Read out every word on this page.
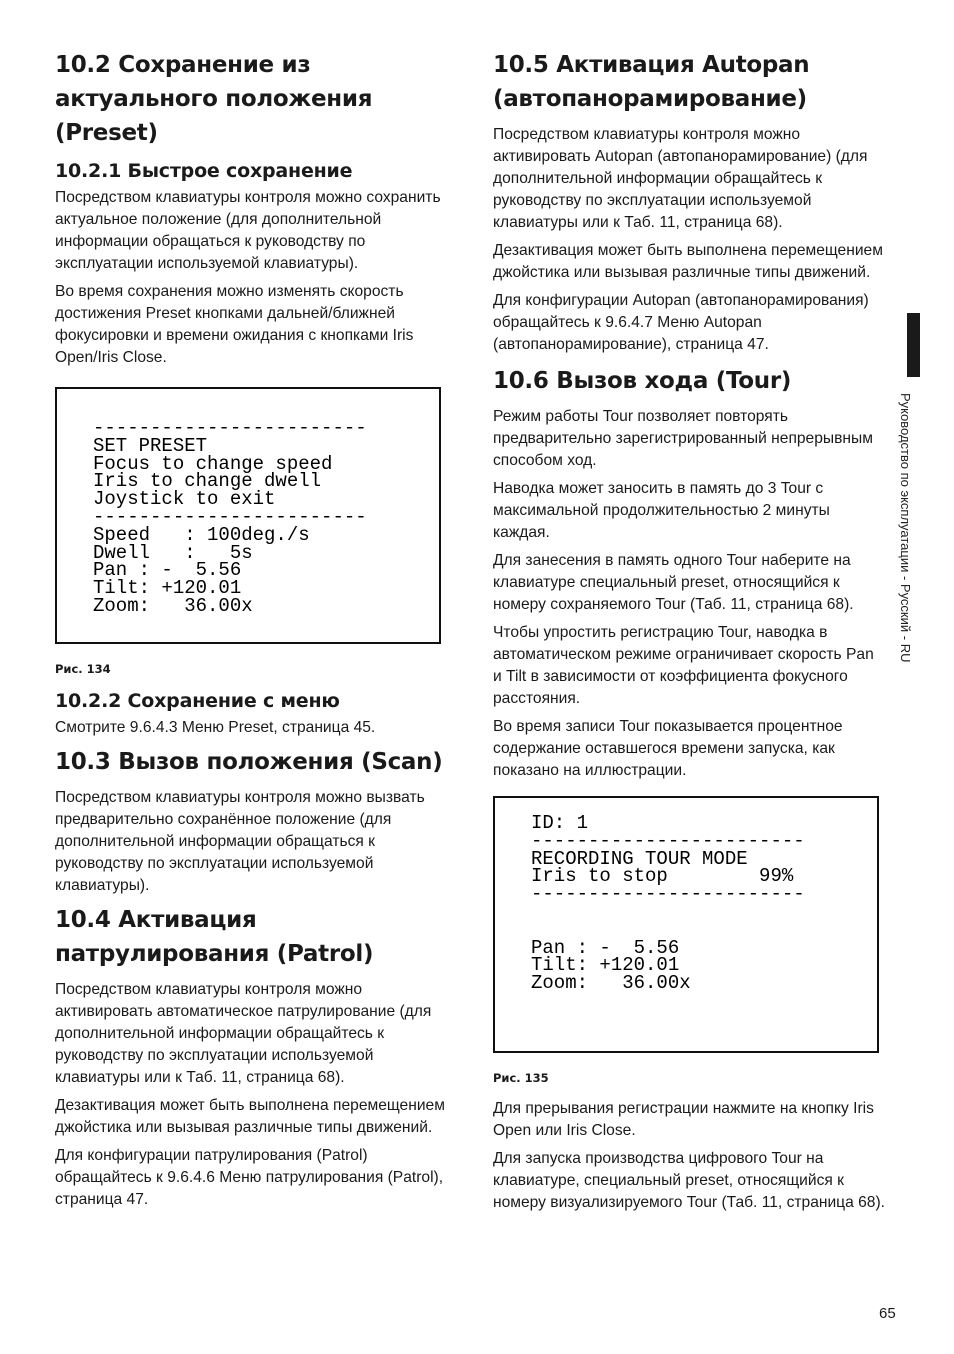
10.2 Сохранение из актуального положения (Preset)
10.2.1 Быстрое сохранение

Посредством клавиатуры контроля можно сохранить актуальное положение (для дополнительной информации обращаться к руководству по эксплуатации используемой клавиатуры).

Во время сохранения можно изменять скорость достижения Preset кнопками дальней/ближней фокусировки и времени ожидания с кнопками Iris Open/Iris Close.

------------------------
SET PRESET
Focus to change speed
Iris to change dwell
Joystick to exit
------------------------
Speed   : 100deg./s
Dwell   :   5s
Pan : -  5.56
Tilt: +120.01
Zoom:   36.00x
Рис. 134
10.2.2 Сохранение с меню

Смотрите 9.6.4.3 Меню Preset, страница 45.

10.3 Вызов положения (Scan)

Посредством клавиатуры контроля можно вызвать предварительно сохранённое положение (для дополнительной информации обращаться к руководству по эксплуатации используемой клавиатуры).

10.4 Активация патрулирования (Patrol)

Посредством клавиатуры контроля можно активировать автоматическое патрулирование (для дополнительной информации обращайтесь к руководству по эксплуатации используемой клавиатуры или к Таб. 11, страница 68).

Дезактивация может быть выполнена перемещением джойстика или вызывая различные типы движений.

Для конфигурации патрулирования (Patrol) обращайтесь к 9.6.4.6 Меню патрулирования (Patrol), страница 47.

10.5 Активация Autopan (автопанорамирование)

Посредством клавиатуры контроля можно активировать Autopan (автопанорамирование) (для дополнительной информации обращайтесь к руководству по эксплуатации используемой клавиатуры или к Таб. 11, страница 68).

Дезактивация может быть выполнена перемещением джойстика или вызывая различные типы движений.

Для конфигурации Autopan (автопанорамирования) обращайтесь к 9.6.4.7 Меню Autopan (автопанорамирование), страница 47.

10.6 Вызов хода (Tour)

Режим работы Tour позволяет повторять предварительно зарегистрированный непрерывным способом ход.

Наводка может заносить в память до 3 Tour с максимальной продолжительностью 2 минуты каждая.

Для занесения в память одного Tour наберите на клавиатуре специальный preset, относящийся к номеру сохраняемого Tour (Таб. 11, страница 68).

Чтобы упростить регистрацию Tour, наводка в автоматическом режиме ограничивает скорость Pan и Tilt в зависимости от коэффициента фокусного расстояния.

Во время записи Tour показывается процентное содержание оставшегося времени запуска, как показано на иллюстрации.

ID: 1
------------------------
RECORDING TOUR MODE
Iris to stop        99%
------------------------
Pan : -  5.56
Tilt: +120.01
Zoom:   36.00x
Рис. 135

Для прерывания регистрации нажмите на кнопку Iris Open или Iris Close.

Для запуска производства цифрового Tour на клавиатуре, специальный preset, относящийся к номеру визуализируемого Tour (Таб. 11, страница 68).

Руководство по эксплуатации - Русский - RU
65
